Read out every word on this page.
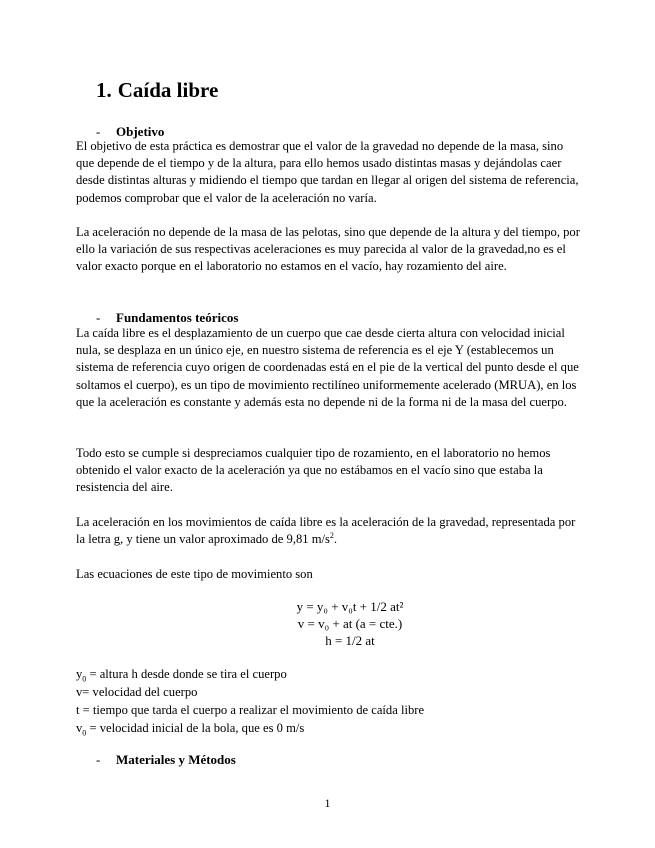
1. Caída libre
- Objetivo

El objetivo de esta práctica es demostrar que el valor de la gravedad no depende de la masa, sino que depende de el tiempo y de la altura, para ello hemos usado distintas masas y dejándolas caer desde distintas alturas y midiendo el tiempo que tardan en llegar al origen del sistema de referencia, podemos comprobar que el valor de la aceleración no varía.

La aceleración no depende de la masa de las pelotas, sino que depende de la altura y del tiempo, por ello la variación de sus respectivas aceleraciones es muy parecida al valor de la gravedad,no es el valor exacto porque en el laboratorio no estamos en el vacío, hay rozamiento del aire.

- Fundamentos teóricos

La caída libre es el desplazamiento de un cuerpo que cae desde cierta altura con velocidad inicial nula, se desplaza en un único eje, en nuestro sistema de referencia es el eje Y (establecemos un sistema de referencia cuyo origen de coordenadas está en el pie de la vertical del punto desde el que soltamos el cuerpo), es un tipo de movimiento rectilíneo uniformemente acelerado (MRUA), en los que la aceleración es constante y además esta no depende ni de la forma ni de la masa del cuerpo.

Todo esto se cumple si despreciamos cualquier tipo de rozamiento, en el laboratorio no hemos obtenido el valor exacto de la aceleración ya que no estábamos en el vacío sino que estaba la resistencia del aire.

La aceleración en los movimientos de caída libre es la aceleración de la gravedad, representada por la letra g, y tiene un valor aproximado de 9,81 $m/s^2$.

Las ecuaciones de este tipo de movimiento son

y = y₀ + v₀t + 1/2 at²
v = v₀ + at (a = cte.)
h = 1/2 at
$y_0$ = altura h desde donde se tira el cuerpo
v= velocidad del cuerpo
t = tiempo que tarda el cuerpo a realizar el movimiento de caída libre
$v_0$ = velocidad inicial de la bola, que es 0 m/s
- Materiales y Métodos
1
